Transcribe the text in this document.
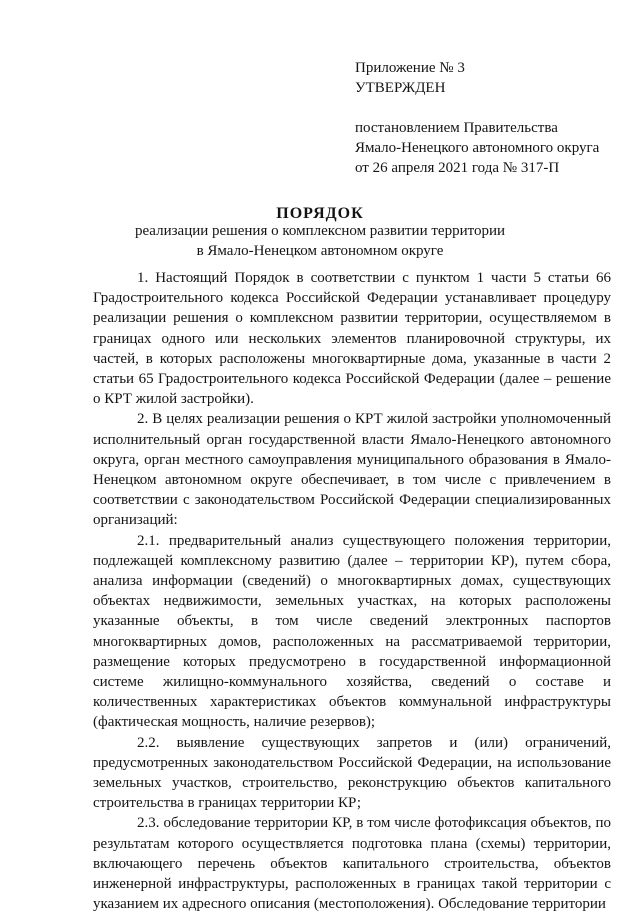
Приложение № 3
УТВЕРЖДЕН
постановлением Правительства
Ямало-Ненецкого автономного округа
от 26 апреля 2021 года № 317-П
ПОРЯДОК
реализации решения о комплексном развитии территории
в Ямало-Ненецком автономном округе

1. Настоящий Порядок в соответствии с пунктом 1 части 5 статьи 66 Градостроительного кодекса Российской Федерации устанавливает процедуру реализации решения о комплексном развитии территории, осуществляемом в границах одного или нескольких элементов планировочной структуры, их частей, в которых расположены многоквартирные дома, указанные в части 2 статьи 65 Градостроительного кодекса Российской Федерации (далее – решение о КРТ жилой застройки).

2. В целях реализации решения о КРТ жилой застройки уполномоченный исполнительный орган государственной власти Ямало-Ненецкого автономного округа, орган местного самоуправления муниципального образования в Ямало-Ненецком автономном округе обеспечивает, в том числе с привлечением в соответствии с законодательством Российской Федерации специализированных организаций:

2.1. предварительный анализ существующего положения территории, подлежащей комплексному развитию (далее – территории КР), путем сбора, анализа информации (сведений) о многоквартирных домах, существующих объектах недвижимости, земельных участках, на которых расположены указанные объекты, в том числе сведений электронных паспортов многоквартирных домов, расположенных на рассматриваемой территории, размещение которых предусмотрено в государственной информационной системе жилищно-коммунального хозяйства, сведений о составе и количественных характеристиках объектов коммунальной инфраструктуры (фактическая мощность, наличие резервов);

2.2. выявление существующих запретов и (или) ограничений, предусмотренных законодательством Российской Федерации, на использование земельных участков, строительство, реконструкцию объектов капитального строительства в границах территории КР;

2.3. обследование территории КР, в том числе фотофиксация объектов, по результатам которого осуществляется подготовка плана (схемы) территории, включающего перечень объектов капитального строительства, объектов инженерной инфраструктуры, расположенных в границах такой территории с указанием их адресного описания (местоположения). Обследование территории
